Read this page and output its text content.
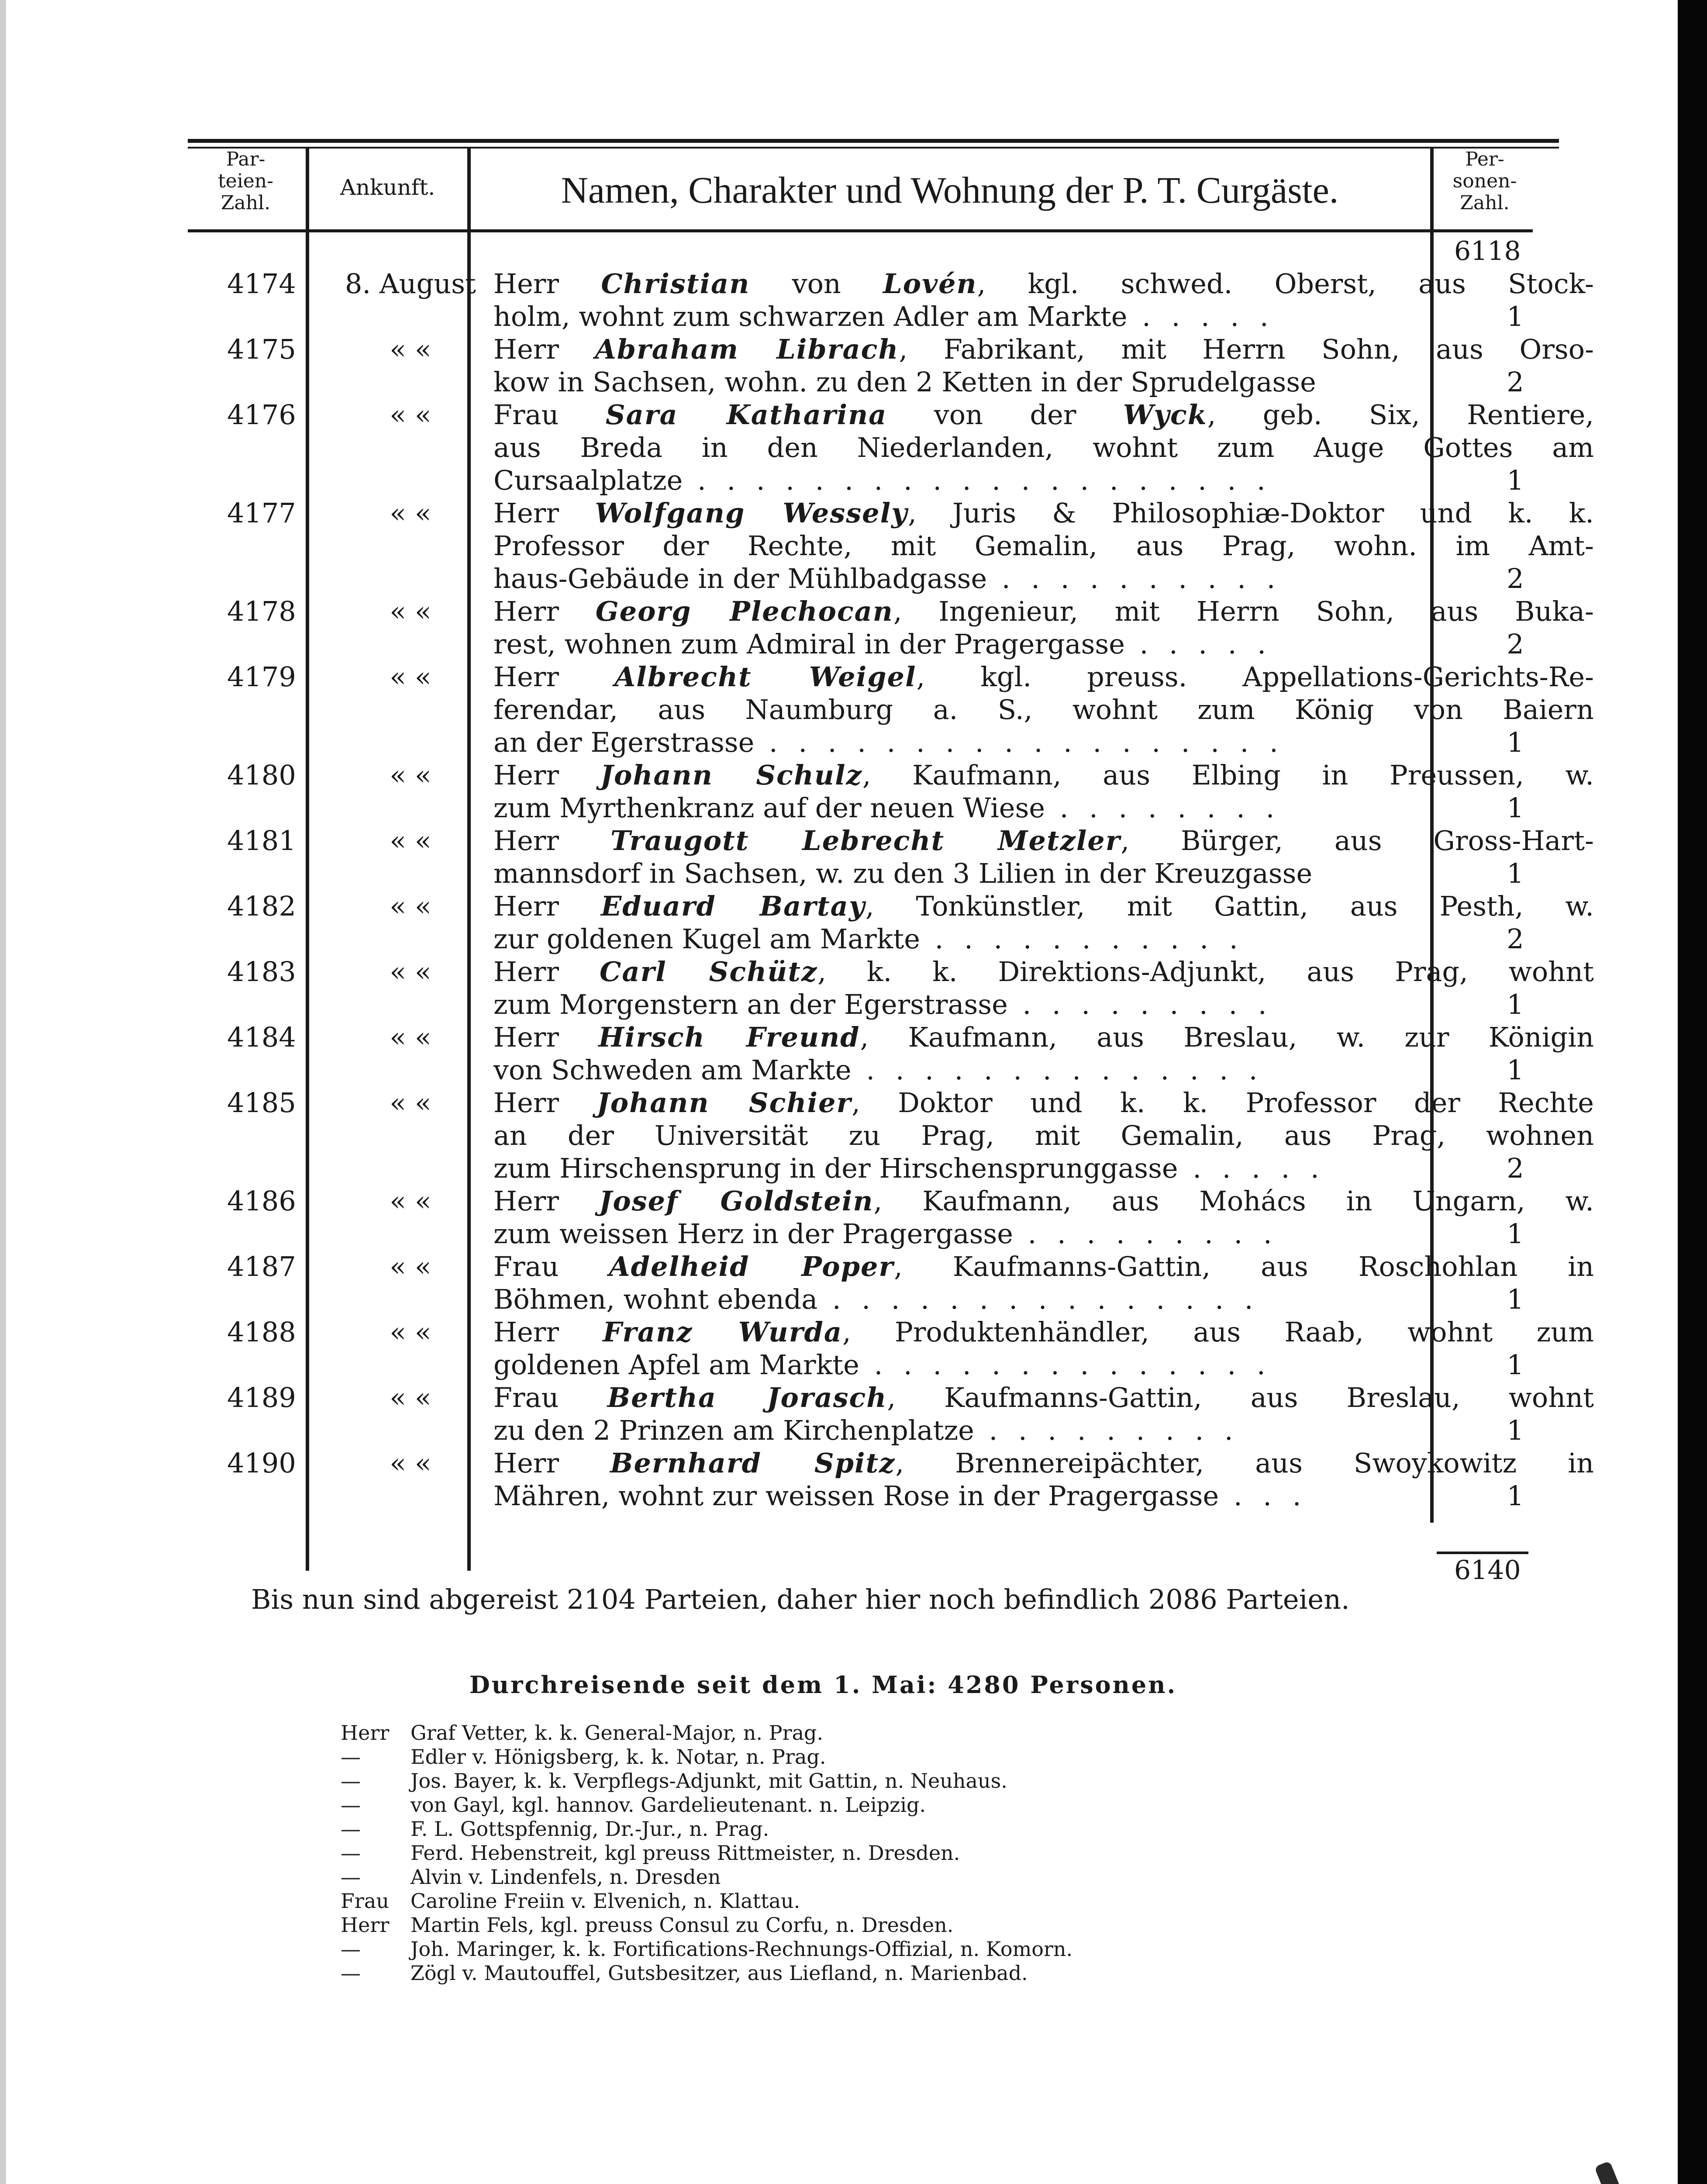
Par-
teien-
Zahl.
Ankunft.	Namen, Charakter und Wohnung der P. T. Curgäste.
Per-
sonen-
Zahl.
6118
4174	8. August Herr Christian von Lovén, kgl. schwed. Oberst, aus Stock-

holm, wohnt zum schwarzen Adler am Markte . . . . .	1
4175	« «	Herr Abraham Librach, Fabrikant, mit Herrn Sohn, aus Orso-

kow in Sachsen, wohn. zu den 2 Ketten in der Sprudelgasse	2
4176	« «	Frau Sara Katharina von der Wyck, geb. Six, Rentiere,

aus Breda in den Niederlanden, wohnt zum Auge Gottes am

Cursaalplatze . . . . . . . . . . . . . . . . . . . .	1
4177	« «	Herr Wolfgang Wessely, Juris & Philosophiæ-Doktor und k. k.

Professor der Rechte, mit Gemalin, aus Prag, wohn. im Amt-

haus-Gebäude in der Mühlbadgasse . . . . . . . . . .	2
4178	« «	Herr Georg Plechocan, Ingenieur, mit Herrn Sohn, aus Buka-

rest, wohnen zum Admiral in der Pragergasse . . . . .	2
4179	« «	Herr Albrecht Weigel, kgl. preuss. Appellations-Gerichts-Re-

ferendar, aus Naumburg a. S., wohnt zum König von Baiern

an der Egerstrasse . . . . . . . . . . . . . . . . . .	1
4180	« «	Herr Johann Schulz, Kaufmann, aus Elbing in Preussen, w.

zum Myrthenkranz auf der neuen Wiese . . . . . . . .	1
4181	« «	Herr Traugott Lebrecht Metzler, Bürger, aus Gross-Hart-

mannsdorf in Sachsen, w. zu den 3 Lilien in der Kreuzgasse	1
4182	« «	Herr Eduard Bartay, Tonkünstler, mit Gattin, aus Pesth, w.

zur goldenen Kugel am Markte . . . . . . . . . . .	2
4183	« «	Herr Carl Schütz, k. k. Direktions-Adjunkt, aus Prag, wohnt

zum Morgenstern an der Egerstrasse . . . . . . . . .	1
4184	« «	Herr Hirsch Freund, Kaufmann, aus Breslau, w. zur Königin

von Schweden am Markte . . . . . . . . . . . . . .	1
4185	« «	Herr Johann Schier, Doktor und k. k. Professor der Rechte

an der Universität zu Prag, mit Gemalin, aus Prag, wohnen

zum Hirschensprung in der Hirschensprunggasse . . . . .	2
4186	« «	Herr Josef Goldstein, Kaufmann, aus Mohács in Ungarn, w.

zum weissen Herz in der Pragergasse . . . . . . . . .	1
4187	« «	Frau Adelheid Poper, Kaufmanns-Gattin, aus Roschohlan in

Böhmen, wohnt ebenda . . . . . . . . . . . . . . .	1
4188	« «	Herr Franz Wurda, Produktenhändler, aus Raab, wohnt zum

goldenen Apfel am Markte . . . . . . . . . . . . . .	1
4189	« «	Frau Bertha Jorasch, Kaufmanns-Gattin, aus Breslau, wohnt

zu den 2 Prinzen am Kirchenplatze . . . . . . . . .	1
4190	« «	Herr Bernhard Spitz, Brennereipächter, aus Swoykowitz in

Mähren, wohnt zur weissen Rose in der Pragergasse . . .	1
6140
Bis nun sind abgereist 2104 Parteien, daher hier noch befindlich 2086 Parteien.
Durchreisende seit dem 1. Mai: 4280 Personen.
Herr	Graf Vetter, k. k. General-Major, n. Prag.
—	Edler v. Hönigsberg, k. k. Notar, n. Prag.
—	Jos. Bayer, k. k. Verpflegs-Adjunkt, mit Gattin, n. Neuhaus.
—	von Gayl, kgl. hannov. Gardelieutenant. n. Leipzig.
—	F. L. Gottspfennig, Dr.-Jur., n. Prag.
—	Ferd. Hebenstreit, kgl preuss Rittmeister, n. Dresden.
—	Alvin v. Lindenfels, n. Dresden
Frau	Caroline Freiin v. Elvenich, n. Klattau.
Herr	Martin Fels, kgl. preuss Consul zu Corfu, n. Dresden.
—	Joh. Maringer, k. k. Fortifications-Rechnungs-Offizial, n. Komorn.
—	Zögl v. Mautouffel, Gutsbesitzer, aus Liefland, n. Marienbad.
